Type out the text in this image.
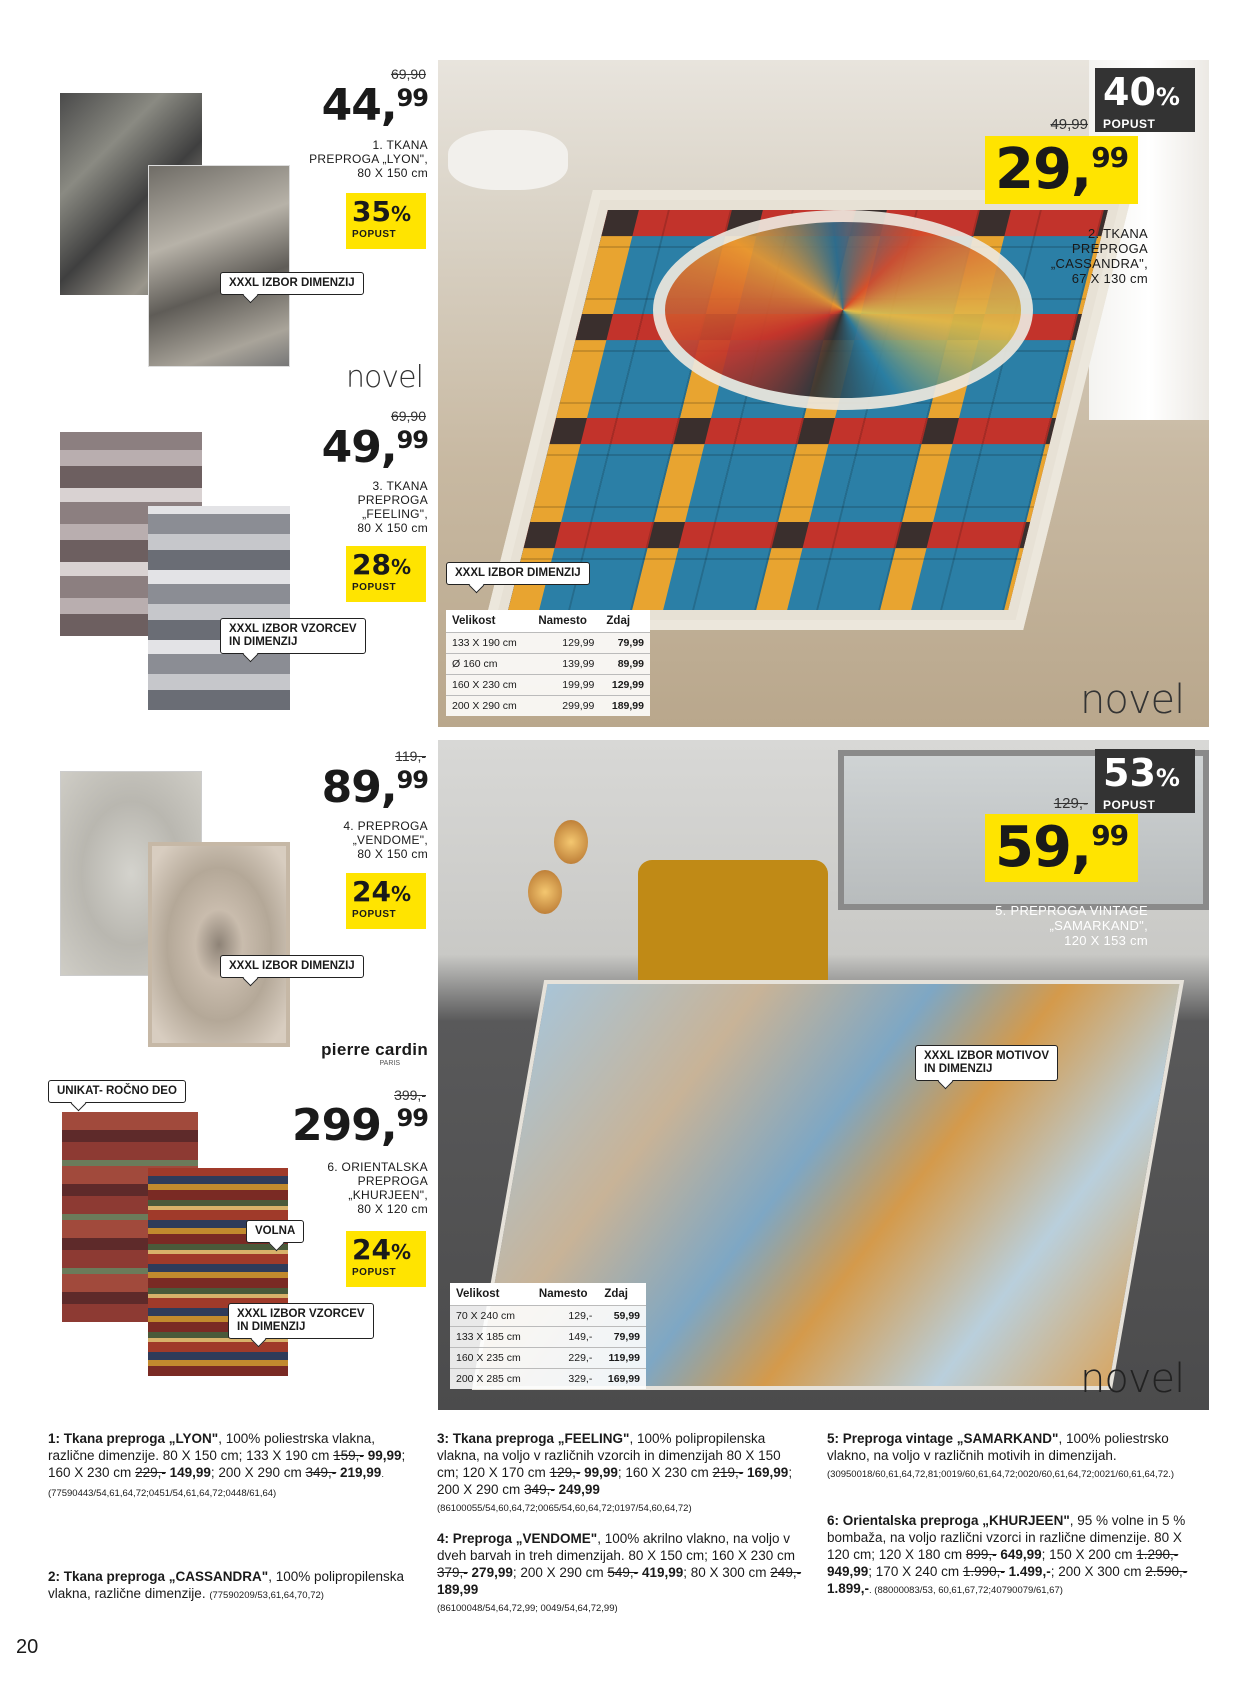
69,90
44,99
1. TKANA
PREPROGA „LYON",
80 X 150 cm
35%
POPUST
XXXL IZBOR DIMENZIJ
novel
69,90
49,99
3. TKANA
PREPROGA
„FEELING",
80 X 150 cm
28%
POPUST
XXXL IZBOR VZORCEV
IN DIMENZIJ
119,-
89,99
4. PREPROGA
„VENDOME",
80 X 150 cm
24%
POPUST
XXXL IZBOR DIMENZIJ
pierre cardin
PARIS
UNIKAT- ROČNO DEO	399,-
299,99
6. ORIENTALSKA
PREPROGA
„KHURJEEN",
80 X 120 cm
VOLNA
24%
POPUST
XXXL IZBOR VZORCEV
IN DIMENZIJ
40%
POPUST
49,99
29,99
2. TKANA
PREPROGA
„CASSANDRA",
67 X 130 cm
XXXL IZBOR DIMENZIJ
Velikost	Namesto	Zdaj
133 X 190 cm	129,99	79,99
Ø 160 cm	139,99	89,99
160 X 230 cm	199,99	129,99
200 X 290 cm	299,99	189,99	novel
53%
POPUST
129,-
59,99
5. PREPROGA VINTAGE
„SAMARKAND",
120 X 153 cm
XXXL IZBOR MOTIVOV
IN DIMENZIJ
Velikost	Namesto	Zdaj
70 X 240 cm	129,-	59,99
133 X 185 cm	149,-	79,99
160 X 235 cm	229,-	119,99
200 X 285 cm	329,-	169,99	novel
1: Tkana preproga „LYON", 100% poliestrska vlakna, različne dimenzije. 80 X 150 cm; 133 X 190 cm 159,- 99,99; 160 X 230 cm 229,- 149,99; 200 X 290 cm 349,- 219,99. (77590443/54,61,64,72;0451/54,61,64,72;0448/61,64)
2: Tkana preproga „CASSANDRA", 100% polipropilenska vlakna, različne dimenzije. (77590209/53,61,64,70,72)
3: Tkana preproga „FEELING", 100% polipropilenska vlakna, na voljo v različnih vzorcih in dimenzijah 80 X 150 cm; 120 X 170 cm 129,- 99,99; 160 X 230 cm 219,- 169,99; 200 X 290 cm 349,- 249,99
(86100055/54,60,64,72;0065/54,60,64,72;0197/54,60,64,72)
4: Preproga „VENDOME", 100% akrilno vlakno, na voljo v dveh barvah in treh dimenzijah. 80 X 150 cm; 160 X 230 cm 379,- 279,99; 200 X 290 cm 549,- 419,99; 80 X 300 cm 249,- 189,99
(86100048/54,64,72,99; 0049/54,64,72,99)
5: Preproga vintage „SAMARKAND", 100% poliestrsko vlakno, na voljo v različnih motivih in dimenzijah. (30950018/60,61,64,72,81;0019/60,61,64,72;0020/60,61,64,72;0021/60,61,64,72.)
6: Orientalska preproga „KHURJEEN", 95 % volne in 5 % bombaža, na voljo različni vzorci in različne dimenzije. 80 X 120 cm; 120 X 180 cm 899,- 649,99; 150 X 200 cm 1.290,- 949,99; 170 X 240 cm 1.990,- 1.499,-; 200 X 300 cm 2.590,- 1.899,-. (88000083/53, 60,61,67,72;40790079/61,67)
20
